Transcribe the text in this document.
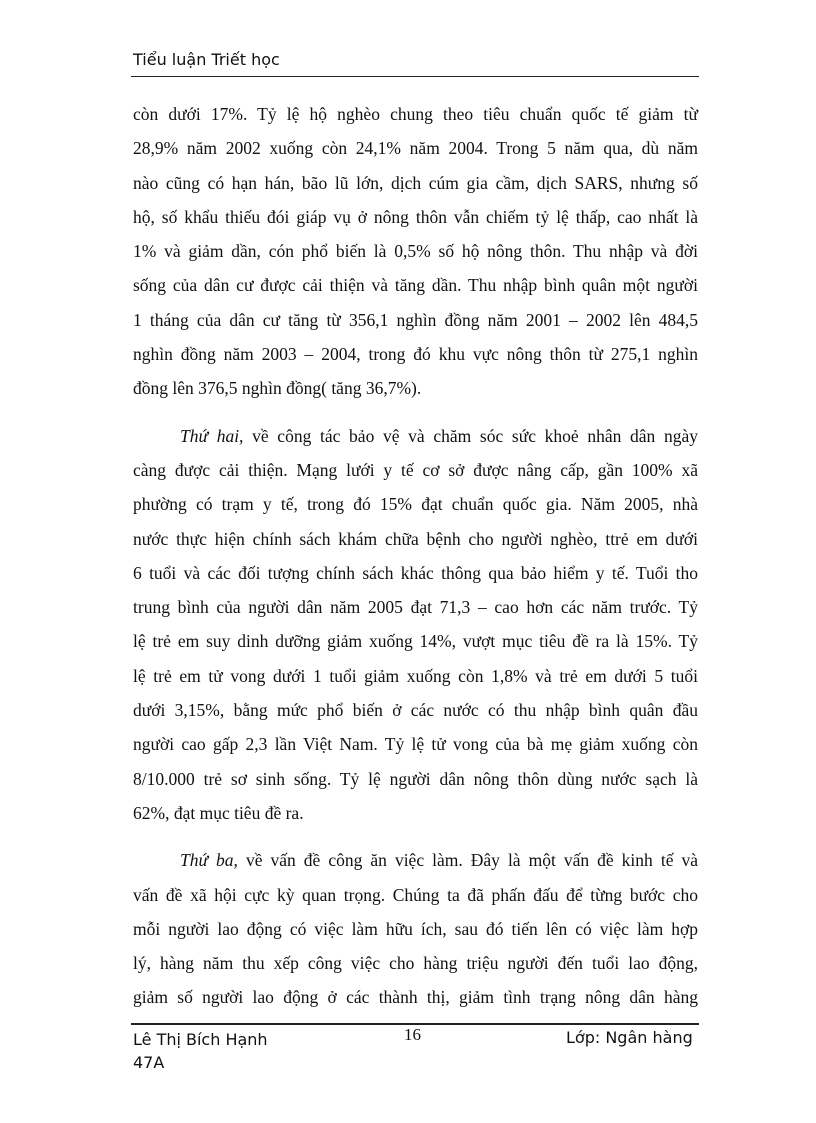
Tiểu luận Triết học
còn dưới 17%. Tỷ lệ hộ nghèo chung theo tiêu chuẩn quốc tế giảm từ
28,9% năm 2002 xuống còn 24,1% năm 2004. Trong 5 năm qua, dù năm
nào cũng có hạn hán, bão lũ lớn, dịch cúm gia cầm, dịch SARS, nhưng số
hộ, số khẩu thiếu đói giáp vụ ở nông thôn vẫn chiếm tỷ lệ thấp, cao nhất là
1% và giảm dần, cón phổ biến là 0,5% số hộ nông thôn. Thu nhập và đời
sống của dân cư được cải thiện và tăng dần. Thu nhập bình quân một người
1 tháng của dân cư tăng từ 356,1 nghìn đồng năm 2001 – 2002 lên 484,5
nghìn đồng năm 2003 – 2004, trong đó khu vực nông thôn từ 275,1 nghìn
đồng lên 376,5 nghìn đồng( tăng 36,7%).
Thứ hai, về công tác bảo vệ và chăm sóc sức khoẻ nhân dân ngày
càng được cải thiện. Mạng lưới y tế cơ sở được nâng cấp, gần 100% xã
phường có trạm y tế, trong đó 15% đạt chuẩn quốc gia. Năm 2005, nhà
nước thực hiện chính sách khám chữa bệnh cho người nghèo, ttrẻ em dưới
6 tuổi và các đối tượng chính sách khác thông qua bảo hiểm y tế. Tuổi tho
trung bình của người dân năm 2005 đạt 71,3 – cao hơn các năm trước. Tỷ
lệ trẻ em suy dinh dưỡng giảm xuống 14%, vượt mục tiêu đề ra là 15%. Tỷ
lệ trẻ em tử vong dưới 1 tuổi giảm xuống còn 1,8% và trẻ em dưới 5 tuổi
dưới 3,15%, bằng mức phổ biến ở các nước có thu nhập bình quân đầu
người cao gấp 2,3 lần Việt Nam. Tỷ lệ tử vong của bà mẹ giảm xuống còn
8/10.000 trẻ sơ sinh sống. Tỷ lệ người dân nông thôn dùng nước sạch là
62%, đạt mục tiêu đề ra.
Thứ ba, về vấn đề công ăn việc làm. Đây là một vấn đề kinh tế và
vấn đề xã hội cực kỳ quan trọng. Chúng ta đã phấn đấu để từng bước cho
mỗi người lao động có việc làm hữu ích, sau đó tiến lên có việc làm hợp
lý, hàng năm thu xếp công việc cho hàng triệu người đến tuổi lao động,
giảm số người lao động ở các thành thị, giảm tình trạng nông dân hàng
Lê Thị Bích Hạnh
47A
16	Lớp: Ngân hàng
